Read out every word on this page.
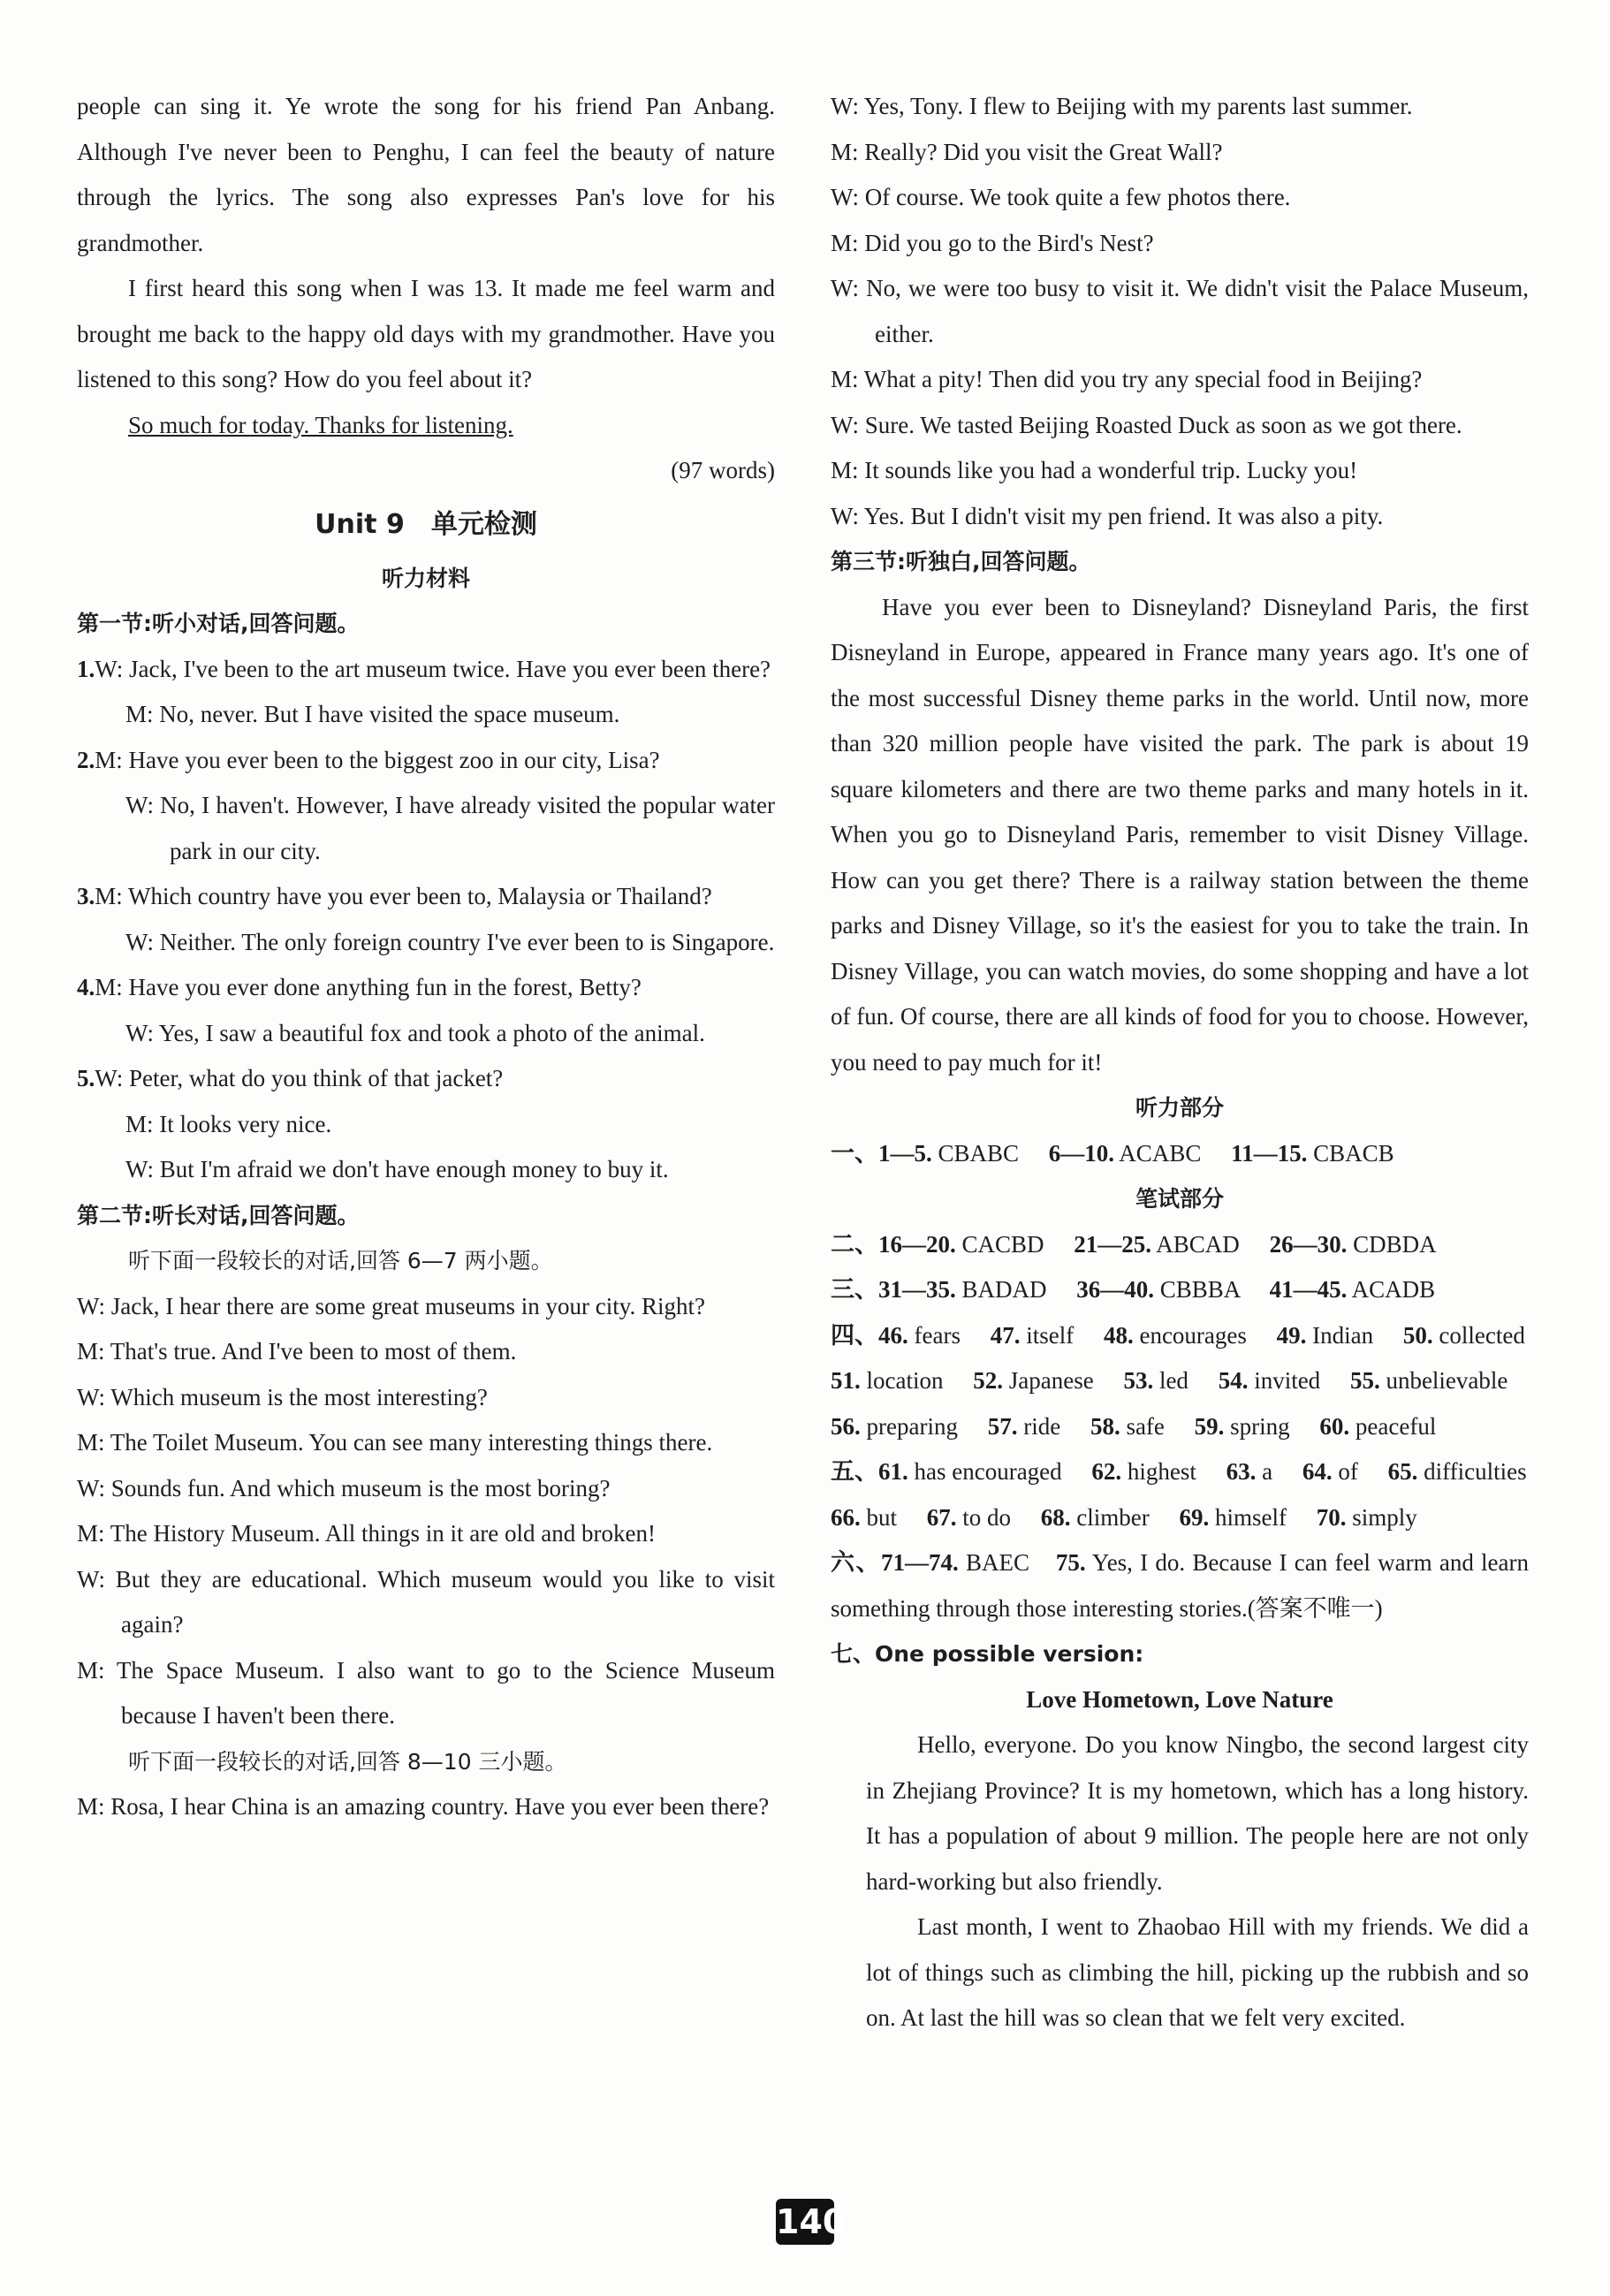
people can sing it. Ye wrote the song for his friend Pan Anbang. Although I've never been to Penghu, I can feel the beauty of nature through the lyrics. The song also expresses Pan's love for his grandmother.

I first heard this song when I was 13. It made me feel warm and brought me back to the happy old days with my grandmother. Have you listened to this song? How do you feel about it?

So much for today. Thanks for listening.

(97 words)

Unit 9　单元检测

听力材料

第一节:听小对话,回答问题。

1.W: Jack, I've been to the art museum twice. Have you ever been there?

M: No, never. But I have visited the space museum.

2.M: Have you ever been to the biggest zoo in our city, Lisa?

W: No, I haven't. However, I have already visited the popular water park in our city.

3.M: Which country have you ever been to, Malaysia or Thailand?

W: Neither. The only foreign country I've ever been to is Singapore.

4.M: Have you ever done anything fun in the forest, Betty?

W: Yes, I saw a beautiful fox and took a photo of the animal.

5.W: Peter, what do you think of that jacket?

M: It looks very nice.

W: But I'm afraid we don't have enough money to buy it.

第二节:听长对话,回答问题。

听下面一段较长的对话,回答 6—7 两小题。

W: Jack, I hear there are some great museums in your city. Right?

M: That's true. And I've been to most of them.

W: Which museum is the most interesting?

M: The Toilet Museum. You can see many interesting things there.

W: Sounds fun. And which museum is the most boring?

M: The History Museum. All things in it are old and broken!

W: But they are educational. Which museum would you like to visit again?

M: The Space Museum. I also want to go to the Science Museum because I haven't been there.

听下面一段较长的对话,回答 8—10 三小题。

M: Rosa, I hear China is an amazing country. Have you ever been there?

W: Yes, Tony. I flew to Beijing with my parents last summer.

M: Really? Did you visit the Great Wall?

W: Of course. We took quite a few photos there.

M: Did you go to the Bird's Nest?

W: No, we were too busy to visit it. We didn't visit the Palace Museum, either.

M: What a pity! Then did you try any special food in Beijing?

W: Sure. We tasted Beijing Roasted Duck as soon as we got there.

M: It sounds like you had a wonderful trip. Lucky you!

W: Yes. But I didn't visit my pen friend. It was also a pity.

第三节:听独白,回答问题。

Have you ever been to Disneyland? Disneyland Paris, the first Disneyland in Europe, appeared in France many years ago. It's one of the most successful Disney theme parks in the world. Until now, more than 320 million people have visited the park. The park is about 19 square kilometers and there are two theme parks and many hotels in it. When you go to Disneyland Paris, remember to visit Disney Village. How can you get there? There is a railway station between the theme parks and Disney Village, so it's the easiest for you to take the train. In Disney Village, you can watch movies, do some shopping and have a lot of fun. Of course, there are all kinds of food for you to choose. However, you need to pay much for it!

听力部分

一、1—5. CBABC　 6—10. ACABC　 11—15. CBACB

笔试部分

二、16—20. CACBD　 21—25. ABCAD　 26—30. CDBDA

三、31—35. BADAD　 36—40. CBBBA　 41—45. ACADB

四、46. fears　 47. itself　 48. encourages　 49. Indian　 50. collected

51. location　 52. Japanese　 53. led　 54. invited　 55. unbelievable

56. preparing　 57. ride　 58. safe　 59. spring　 60. peaceful

五、61. has encouraged　 62. highest　 63. a　 64. of　 65. difficulties

66. but　 67. to do　 68. climber　 69. himself　 70. simply

六、71—74. BAEC　75. Yes, I do. Because I can feel warm and learn something through those interesting stories.(答案不唯一)

七、One possible version:

Love Hometown, Love Nature

Hello, everyone. Do you know Ningbo, the second largest city in Zhejiang Province? It is my hometown, which has a long history. It has a population of about 9 million. The people here are not only hard-working but also friendly.

Last month, I went to Zhaobao Hill with my friends. We did a lot of things such as climbing the hill, picking up the rubbish and so on. At last the hill was so clean that we felt very excited.

140
